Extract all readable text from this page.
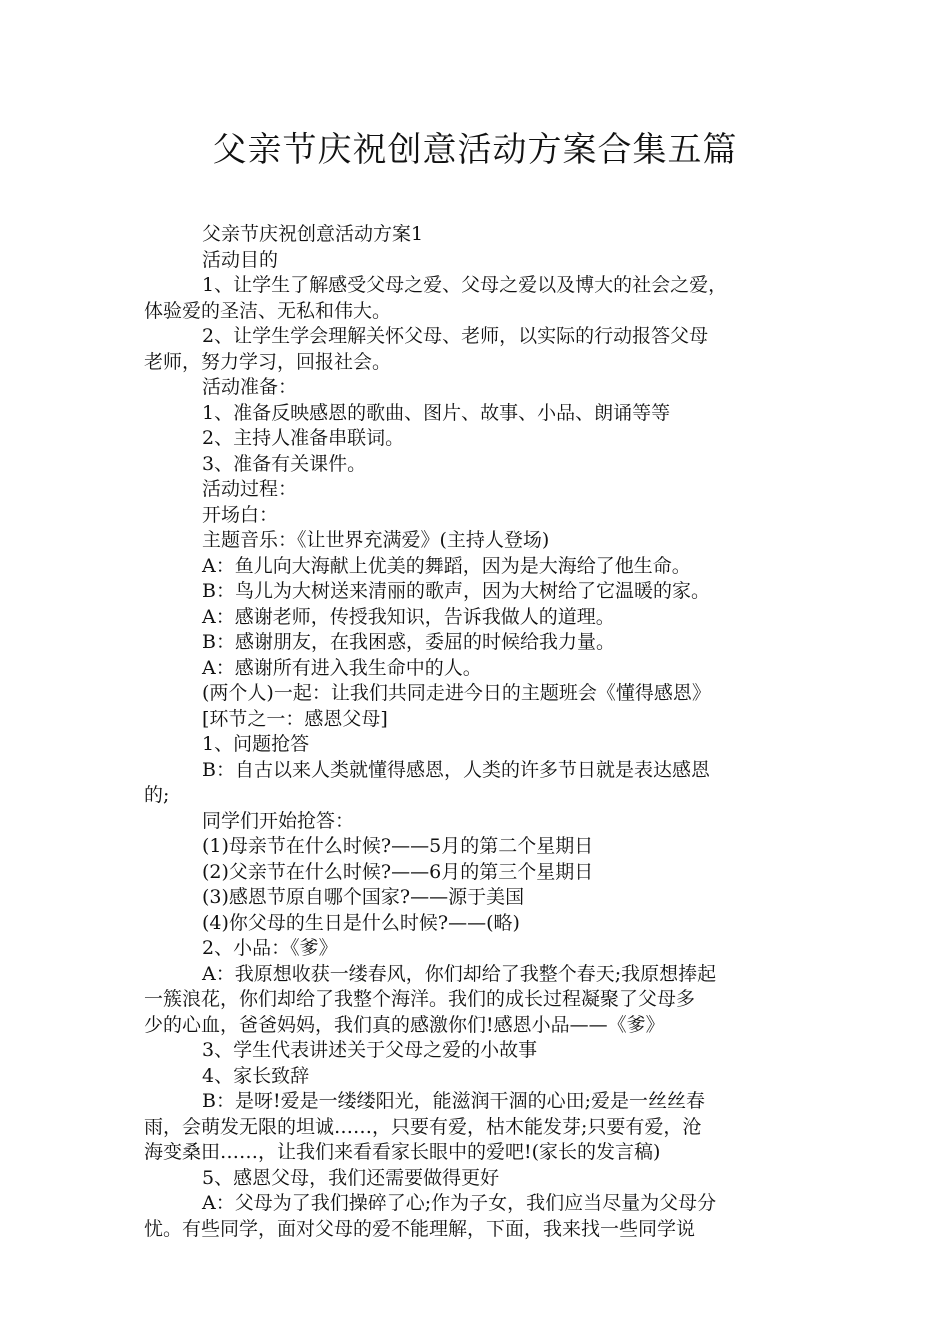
父亲节庆祝创意活动方案合集五篇
父亲节庆祝创意活动方案1
活动目的
1、让学生了解感受父母之爱、父母之爱以及博大的社会之爱，
体验爱的圣洁、无私和伟大。
2、让学生学会理解关怀父母、老师，以实际的行动报答父母
老师，努力学习，回报社会。
活动准备：
1、准备反映感恩的歌曲、图片、故事、小品、朗诵等等
2、主持人准备串联词。
3、准备有关课件。
活动过程：
开场白：
主题音乐：《让世界充满爱》(主持人登场)
A：鱼儿向大海献上优美的舞蹈，因为是大海给了他生命。
B：鸟儿为大树送来清丽的歌声，因为大树给了它温暖的家。
A：感谢老师，传授我知识，告诉我做人的道理。
B：感谢朋友，在我困惑，委屈的时候给我力量。
A：感谢所有进入我生命中的人。
(两个人)一起：让我们共同走进今日的主题班会《懂得感恩》
[环节之一：感恩父母]
1、问题抢答
B：自古以来人类就懂得感恩，人类的许多节日就是表达感恩
的;
同学们开始抢答：
(1)母亲节在什么时候?——5月的第二个星期日
(2)父亲节在什么时候?——6月的第三个星期日
(3)感恩节原自哪个国家?——源于美国
(4)你父母的生日是什么时候?——(略)
2、小品：《爹》
A：我原想收获一缕春风，你们却给了我整个春天;我原想捧起
一簇浪花，你们却给了我整个海洋。我们的成长过程凝聚了父母多
少的心血，爸爸妈妈，我们真的感激你们!感恩小品——《爹》
3、学生代表讲述关于父母之爱的小故事
4、家长致辞
B：是呀!爱是一缕缕阳光，能滋润干涸的心田;爱是一丝丝春
雨，会萌发无限的坦诚……，只要有爱，枯木能发芽;只要有爱，沧
海变桑田……，让我们来看看家长眼中的爱吧!(家长的发言稿)
5、感恩父母，我们还需要做得更好
A：父母为了我们操碎了心;作为子女，我们应当尽量为父母分
忧。有些同学，面对父母的爱不能理解，下面，我来找一些同学说
